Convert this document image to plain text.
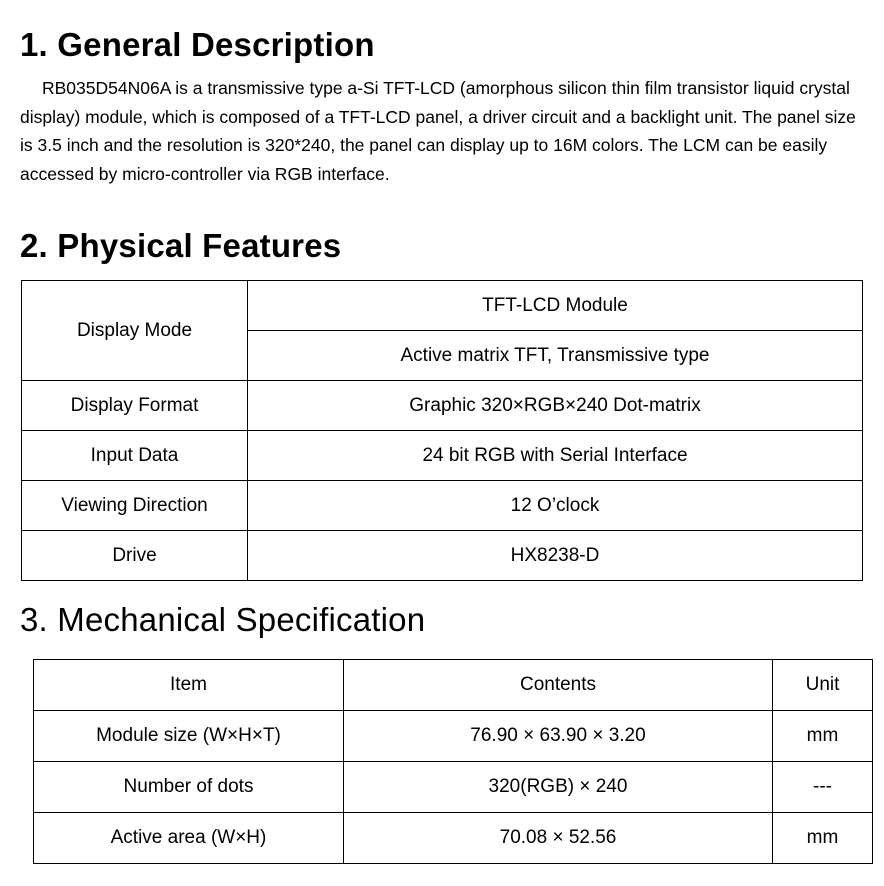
1. General Description

RB035D54N06A is a transmissive type a-Si TFT-LCD (amorphous silicon thin film transistor liquid crystal display) module, which is composed of a TFT-LCD panel, a driver circuit and a backlight unit. The panel size is 3.5 inch and the resolution is 320*240, the panel can display up to 16M colors. The LCM can be easily accessed by micro-controller via RGB interface.

2. Physical Features
Display Mode	TFT-LCD Module
	Active matrix TFT, Transmissive type
Display Format	Graphic 320×RGB×240 Dot-matrix
Input Data	24 bit RGB with Serial Interface
Viewing Direction	12 O’clock
Drive	HX8238-D
3. Mechanical Specification
Item	Contents	Unit
Module size (W×H×T)	76.90 × 63.90 × 3.20	mm
Number of dots	320(RGB) × 240	---
Active area (W×H)	70.08 × 52.56	mm
